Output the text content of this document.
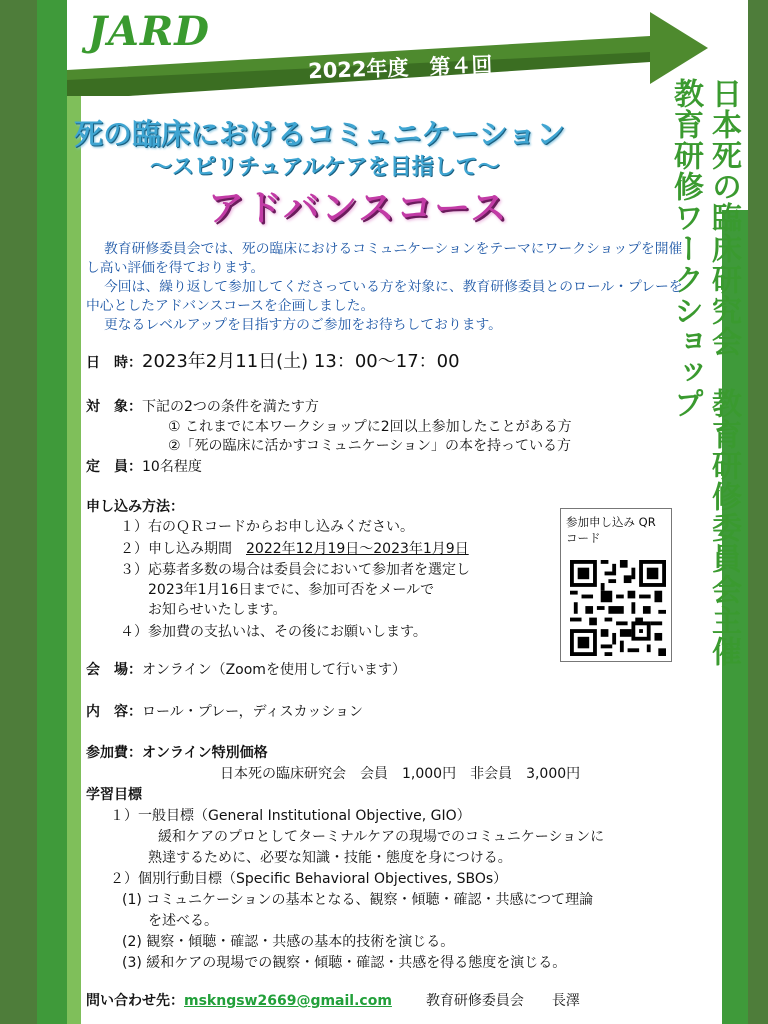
JARD
2022年度　第４回
死の臨床におけるコミュニケーション
〜スピリチュアルケアを目指して〜
アドバンスコース	日本死の臨床研究会　教育研修委員会主催
教育研修ワークショップ

教育研修委員会では、死の臨床におけるコミュニケーションをテーマにワークショップを開催し高い評価を得ております。

今回は、繰り返して参加してくださっている方を対象に、教育研修委員とのロール・プレーを中心としたアドバンスコースを企画しました。

更なるレベルアップを目指す方のご参加をお待ちしております。

日　時：2023年2月11日(土) 13：00〜17：00
対　象：下記の2つの条件を満たす方
① これまでに本ワークショップに2回以上参加したことがある方
②「死の臨床に活かすコミュニケーション」の本を持っている方
定　員：10名程度
申し込み方法：
１）右のＱＲコードからお申し込みください。
２）申し込み期間　2022年12月19日〜2023年1月9日
３）応募者多数の場合は委員会において参加者を選定し
2023年1月16日までに、参加可否をメールで
お知らせいたします。
４）参加費の支払いは、その後にお願いします。
参加申し込み QRコード
会　場：オンライン（Zoomを使用して行います）
内　容：ロール・プレー，ディスカッション
参加費：オンライン特別価格
日本死の臨床研究会　会員　1,000円　非会員　3,000円
学習目標
１）一般目標（General Institutional Objective, GIO）
緩和ケアのプロとしてターミナルケアの現場でのコミュニケーションに
熟達するために、必要な知識・技能・態度を身につける。
２）個別行動目標（Specific Behavioral Objectives, SBOs）
(1) コミュニケーションの基本となる、観察・傾聴・確認・共感につて理論
を述べる。
(2) 観察・傾聴・確認・共感の基本的技術を演じる。
(3) 緩和ケアの現場での観察・傾聴・確認・共感を得る態度を演じる。
問い合わせ先：mskngsw2669@gmail.com 教育研修委員会　　長澤
